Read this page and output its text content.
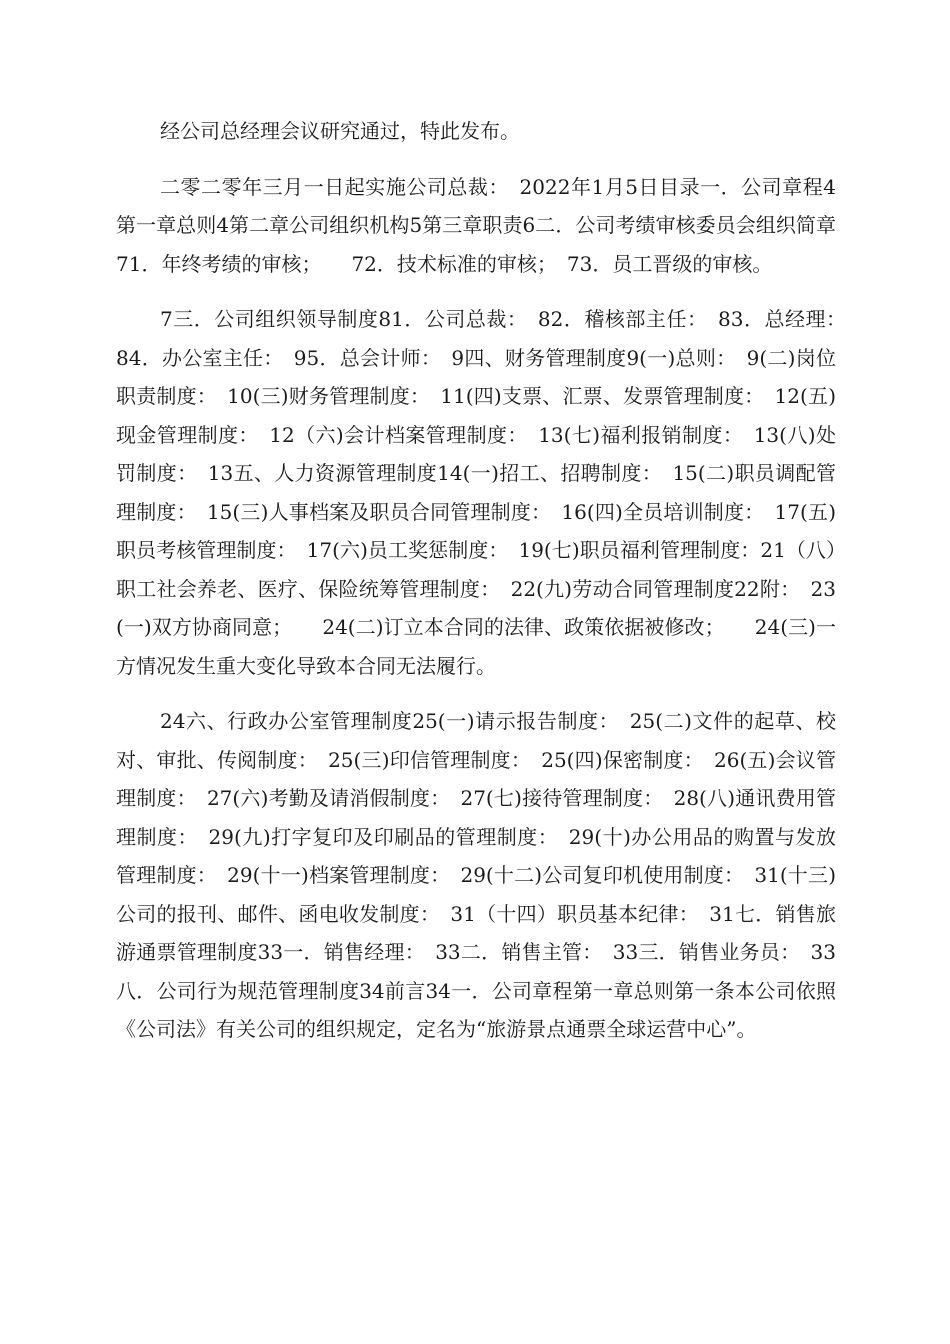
经公司总经理会议研究通过，特此发布。

二零二零年三月一日起实施公司总裁：　2022年1月5日目录一．公司章程4第一章总则4第二章公司组织机构5第三章职责6二．公司考绩审核委员会组织简章71．年终考绩的审核；　　72．技术标准的审核；　73．员工晋级的审核。

7三．公司组织领导制度81．公司总裁：　82．稽核部主任：　83．总经理：　84．办公室主任：　95．总会计师：　9四、财务管理制度9(一)总则：　9(二)岗位职责制度：　10(三)财务管理制度：　11(四)支票、汇票、发票管理制度：　12(五)现金管理制度：　12（六)会计档案管理制度：　13(七)福利报销制度：　13(八)处罚制度：　13五、人力资源管理制度14(一)招工、招聘制度：　15(二)职员调配管理制度：　15(三)人事档案及职员合同管理制度：　16(四)全员培训制度：　17(五)职员考核管理制度：　17(六)员工奖惩制度：　19(七)职员福利管理制度：21（八）职工社会养老、医疗、保险统筹管理制度：　22(九)劳动合同管理制度22附：　23(一)双方协商同意；　　24(二)订立本合同的法律、政策依据被修改；　　24(三)一方情况发生重大变化导致本合同无法履行。

24六、行政办公室管理制度25(一)请示报告制度：　25(二)文件的起草、校对、审批、传阅制度：　25(三)印信管理制度：　25(四)保密制度：　26(五)会议管理制度：　27(六)考勤及请消假制度：　27(七)接待管理制度：　28(八)通讯费用管理制度：　29(九)打字复印及印刷品的管理制度：　29(十)办公用品的购置与发放管理制度：　29(十一)档案管理制度：　29(十二)公司复印机使用制度：　31(十三)公司的报刊、邮件、函电收发制度：　31（十四）职员基本纪律：　31七．销售旅游通票管理制度33一．销售经理：　33二．销售主管：　33三．销售业务员：　33八．公司行为规范管理制度34前言34一．公司章程第一章总则第一条本公司依照《公司法》有关公司的组织规定，定名为“旅游景点通票全球运营中心”。
